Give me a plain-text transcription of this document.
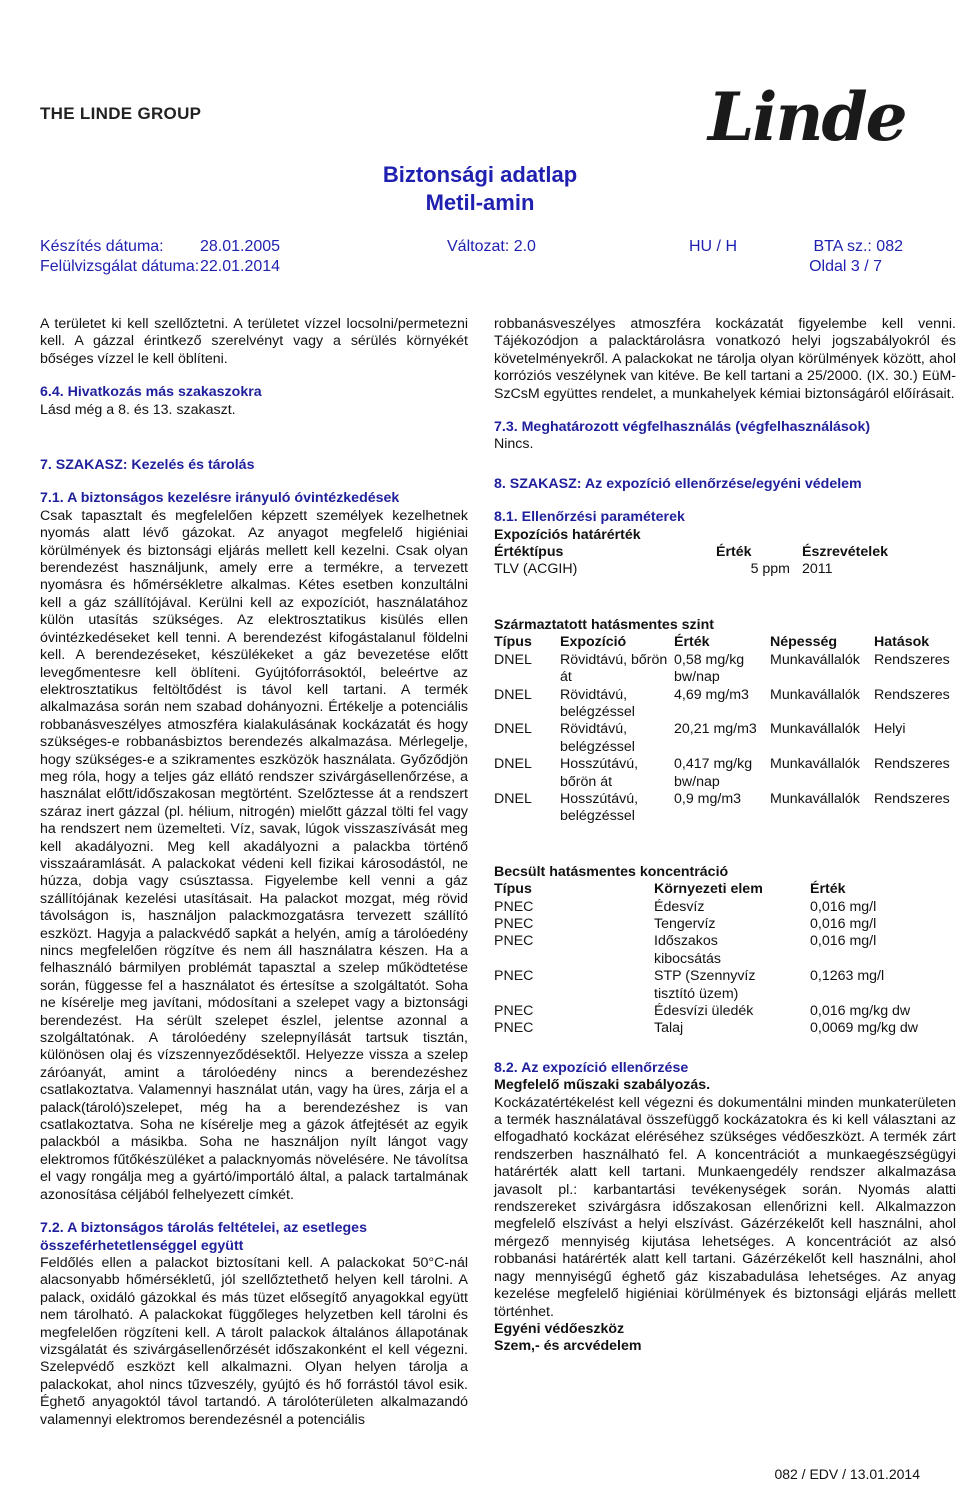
THE LINDE GROUP	Linde
Biztonsági adatlap
Metil-amin
Készítés dátuma: 28.01.2005
Felülvizsgálat dátuma: 22.01.2014
Változat: 2.0	HU / H	BTA sz.: 082
Oldal 3 / 7

A területet ki kell szellőztetni. A területet vízzel locsolni/permetezni kell. A gázzal érintkező szerelvényt vagy a sérülés környékét bőséges vízzel le kell öblíteni.

6.4. Hivatkozás más szakaszokra

Lásd még a 8. és 13. szakaszt.

7. SZAKASZ: Kezelés és tárolás
7.1. A biztonságos kezelésre irányuló óvintézkedések

Csak tapasztalt és megfelelően képzett személyek kezelhetnek nyomás alatt lévő gázokat. Az anyagot megfelelő higiéniai körülmények és biztonsági eljárás mellett kell kezelni. Csak olyan berendezést használjunk, amely erre a termékre, a tervezett nyomásra és hőmérsékletre alkalmas. Kétes esetben konzultálni kell a gáz szállítójával. Kerülni kell az expozíciót, használatához külön utasítás szükséges. Az elektrosztatikus kisülés ellen óvintézkedéseket kell tenni. A berendezést kifogástalanul földelni kell. A berendezéseket, készülékeket a gáz bevezetése előtt levegőmentesre kell öblíteni. Gyújtóforrásoktól, beleértve az elektrosztatikus feltöltődést is távol kell tartani. A termék alkalmazása során nem szabad dohányozni. Értékelje a potenciális robbanásveszélyes atmoszféra kialakulásának kockázatát és hogy szükséges-e robbanásbiztos berendezés alkalmazása. Mérlegelje, hogy szükséges-e a szikramentes eszközök használata. Győződjön meg róla, hogy a teljes gáz ellátó rendszer szivárgásellenőrzése, a használat előtt/időszakosan megtörtént. Szelőztesse át a rendszert száraz inert gázzal (pl. hélium, nitrogén) mielőtt gázzal tölti fel vagy ha rendszert nem üzemelteti. Víz, savak, lúgok visszaszívását meg kell akadályozni. Meg kell akadályozni a palackba történő visszaáramlását. A palackokat védeni kell fizikai károsodástól, ne húzza, dobja vagy csúsztassa. Figyelembe kell venni a gáz szállítójának kezelési utasításait. Ha palackot mozgat, még rövid távolságon is, használjon palackmozgatásra tervezett szállító eszközt. Hagyja a palackvédő sapkát a helyén, amíg a tárolóedény nincs megfelelően rögzítve és nem áll használatra készen. Ha a felhasználó bármilyen problémát tapasztal a szelep működtetése során, függesse fel a használatot és értesítse a szolgáltatót. Soha ne kísérelje meg javítani, módosítani a szelepet vagy a biztonsági berendezést. Ha sérült szelepet észlel, jelentse azonnal a szolgáltatónak. A tárolóedény szelepnyílását tartsuk tisztán, különösen olaj és vízszennyeződésektől. Helyezze vissza a szelep záróanyát, amint a tárolóedény nincs a berendezéshez csatlakoztatva. Valamennyi használat után, vagy ha üres, zárja el a palack(tároló)szelepet, még ha a berendezéshez is van csatlakoztatva. Soha ne kísérelje meg a gázok átfejtését az egyik palackból a másikba. Soha ne használjon nyílt lángot vagy elektromos fűtőkészüléket a palacknyomás növelésére. Ne távolítsa el vagy rongálja meg a gyártó/importáló által, a palack tartalmának azonosítása céljából felhelyezett címkét.

7.2. A biztonságos tárolás feltételei, az esetleges összeférhetetlenséggel együtt

Feldőlés ellen a palackot biztosítani kell. A palackokat 50°C-nál alacsonyabb hőmérsékletű, jól szellőztethető helyen kell tárolni. A palack, oxidáló gázokkal és más tüzet elősegítő anyagokkal együtt nem tárolható. A palackokat függőleges helyzetben kell tárolni és megfelelően rögzíteni kell. A tárolt palackok általános állapotának vizsgálatát és szivárgásellenőrzését időszakonként el kell végezni. Szelepvédő eszközt kell alkalmazni. Olyan helyen tárolja a palackokat, ahol nincs tűzveszély, gyújtó és hő forrástól távol esik. Éghető anyagoktól távol tartandó. A tárolóterületen alkalmazandó valamennyi elektromos berendezésnél a potenciális

robbanásveszélyes atmoszféra kockázatát figyelembe kell venni. Tájékozódjon a palacktárolásra vonatkozó helyi jogszabályokról és követelményekről. A palackokat ne tárolja olyan körülmények között, ahol korróziós veszélynek van kitéve. Be kell tartani a 25/2000. (IX. 30.) EüM-SzCsM együttes rendelet, a munkahelyek kémiai biztonságáról előírásait.

7.3. Meghatározott végfelhasználás (végfelhasználások)

Nincs.

8. SZAKASZ: Az expozíció ellenőrzése/egyéni védelem
8.1. Ellenőrzési paraméterek
Expozíciós határérték
Értéktípus	Érték	Észrevételek
TLV (ACGIH)	5 ppm	2011
Származtatott hatásmentes szint
Típus	Expozíció	Érték	Népesség	Hatások
DNEL	Rövidtávú, bőrön át	0,58 mg/kg bw/nap	Munkavállalók	Rendszeres
DNEL	Rövidtávú, belégzéssel	4,69 mg/m3	Munkavállalók	Rendszeres
DNEL	Rövidtávú, belégzéssel	20,21 mg/m3	Munkavállalók	Helyi
DNEL	Hosszútávú, bőrön át	0,417 mg/kg bw/nap	Munkavállalók	Rendszeres
DNEL	Hosszútávú, belégzéssel	0,9 mg/m3	Munkavállalók	Rendszeres
Becsült hatásmentes koncentráció
Típus	Környezeti elem	Érték
PNEC	Édesvíz	0,016 mg/l
PNEC	Tengervíz	0,016 mg/l
PNEC	Időszakos kibocsátás	0,016 mg/l
PNEC	STP (Szennyvíz tisztító üzem)	0,1263 mg/l
PNEC	Édesvízi üledék	0,016 mg/kg dw
PNEC	Talaj	0,0069 mg/kg dw
8.2. Az expozíció ellenőrzése
Megfelelő műszaki szabályozás.

Kockázatértékelést kell végezni és dokumentálni minden munkaterületen a termék használatával összefüggő kockázatokra és ki kell választani az elfogadható kockázat eléréséhez szükséges védőeszközt. A termék zárt rendszerben használható fel. A koncentrációt a munkaegészségügyi határérték alatt kell tartani. Munkaengedély rendszer alkalmazása javasolt pl.: karbantartási tevékenységek során. Nyomás alatti rendszereket szivárgásra időszakosan ellenőrizni kell. Alkalmazzon megfelelő elszívást a helyi elszívást. Gázérzékelőt kell használni, ahol mérgező mennyiség kijutása lehetséges. A koncentrációt az alsó robbanási határérték alatt kell tartani. Gázérzékelőt kell használni, ahol nagy mennyiségű éghető gáz kiszabadulása lehetséges. Az anyag kezelése megfelelő higiéniai körülmények és biztonsági eljárás mellett történhet.

Egyéni védőeszköz
Szem,- és arcvédelem
082 / EDV / 13.01.2014
